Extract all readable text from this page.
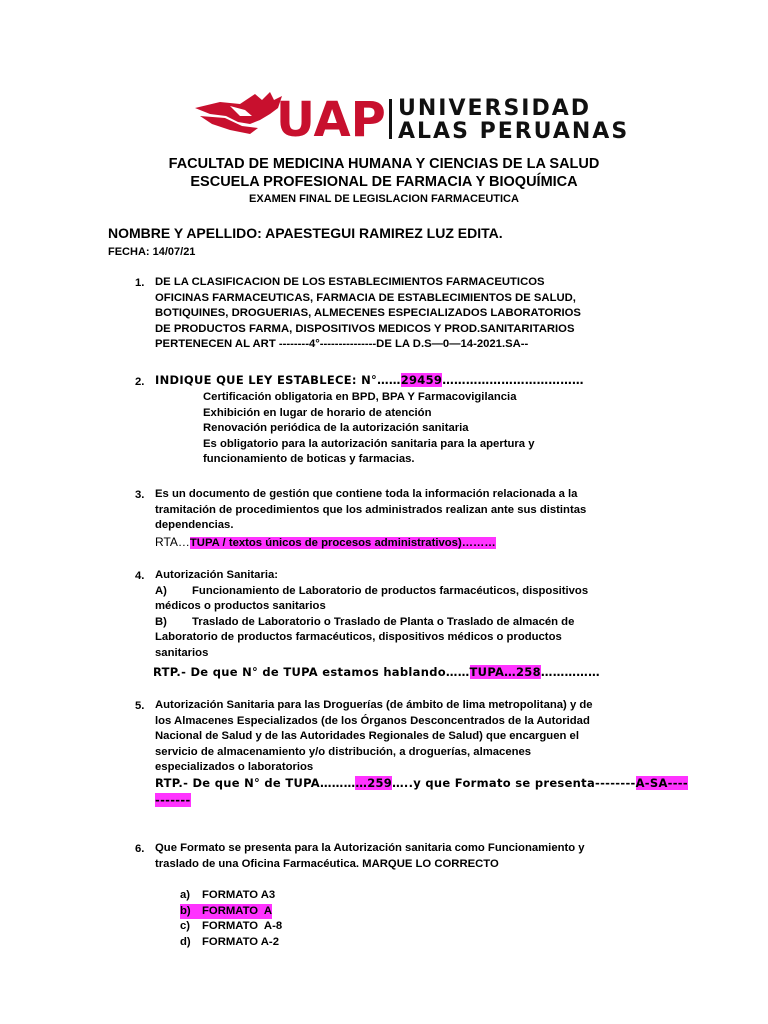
UAP UNIVERSIDAD
ALAS PERUANAS
FACULTAD DE MEDICINA HUMANA Y CIENCIAS DE LA SALUD
ESCUELA PROFESIONAL DE FARMACIA Y BIOQUÍMICA
EXAMEN FINAL DE LEGISLACION FARMACEUTICA
NOMBRE Y APELLIDO: APAESTEGUI RAMIREZ LUZ EDITA.
FECHA: 14/07/21
1. DE LA CLASIFICACION DE LOS ESTABLECIMIENTOS FARMACEUTICOS
OFICINAS FARMACEUTICAS, FARMACIA DE ESTABLECIMIENTOS DE SALUD,
BOTIQUINES, DROGUERIAS, ALMECENES ESPECIALIZADOS LABORATORIOS
DE PRODUCTOS FARMA, DISPOSITIVOS MEDICOS Y PROD.SANITARITARIOS
PERTENECEN AL ART --------4°---------------DE LA D.S—0—14-2021.SA--
2. INDIQUE QUE LEY ESTABLECE: N°……29459………………………………
Certificación obligatoria en BPD, BPA Y Farmacovigilancia
Exhibición en lugar de horario de atención
Renovación periódica de la autorización sanitaria
Es obligatorio para la autorización sanitaria para la apertura y
funcionamiento de boticas y farmacias.
3. Es un documento de gestión que contiene toda la información relacionada a la
tramitación de procedimientos que los administrados realizan ante sus distintas
dependencias.
RTA…TUPA / textos únicos de procesos administrativos)………
4. Autorización Sanitaria:
A)        Funcionamiento de Laboratorio de productos farmacéuticos, dispositivos
médicos o productos sanitarios
B)        Traslado de Laboratorio o Traslado de Planta o Traslado de almacén de
Laboratorio de productos farmacéuticos, dispositivos médicos o productos
sanitarios
RTP.- De que N° de TUPA estamos hablando……TUPA…258……………
5. Autorización Sanitaria para las Droguerías (de ámbito de lima metropolitana) y de
los Almacenes Especializados (de los Órganos Desconcentrados de la Autoridad
Nacional de Salud y de las Autoridades Regionales de Salud) que encarguen el
servicio de almacenamiento y/o distribución, a droguerías, almacenes
especializados o laboratorios
RTP.- De que N° de TUPA…………259…..y que Formato se presenta--------A-SA----
-------
6. Que Formato se presenta para la Autorización sanitaria como Funcionamiento y
traslado de una Oficina Farmacéutica. MARQUE LO CORRECTO
a) FORMATO A3
b) FORMATO  A
c) FORMATO  A-8
d) FORMATO A-2
